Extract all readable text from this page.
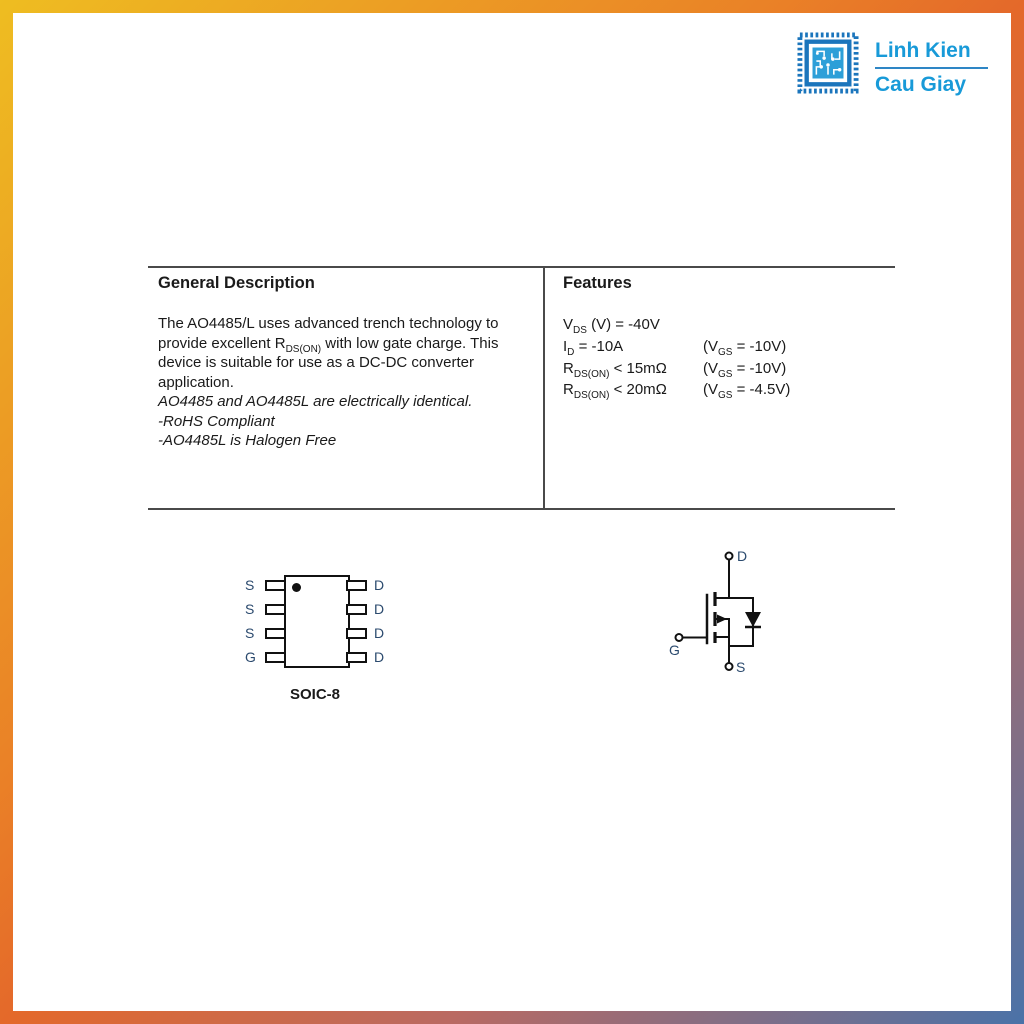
Linh Kien
Cau Giay
General Description
The AO4485/L uses advanced trench technology to provide excellent $R_{DS(ON)}$ with low gate charge. This device is suitable for use as a DC-DC converter application.
AO4485 and AO4485L are electrically identical.
-RoHS Compliant
-AO4485L is Halogen Free
Features
$V_{DS}$ (V) = -40V
$I_D = -10A$	$(V_{GS} = -10V)$
$R_{DS(ON)} < 15m\Omega$	$(V_{GS} = -10V)$
$R_{DS(ON)} < 20m\Omega$	$(V_{GS} = -4.5V)$
S
S
S
G
D
D
D
D
SOIC-8
D
G
S
